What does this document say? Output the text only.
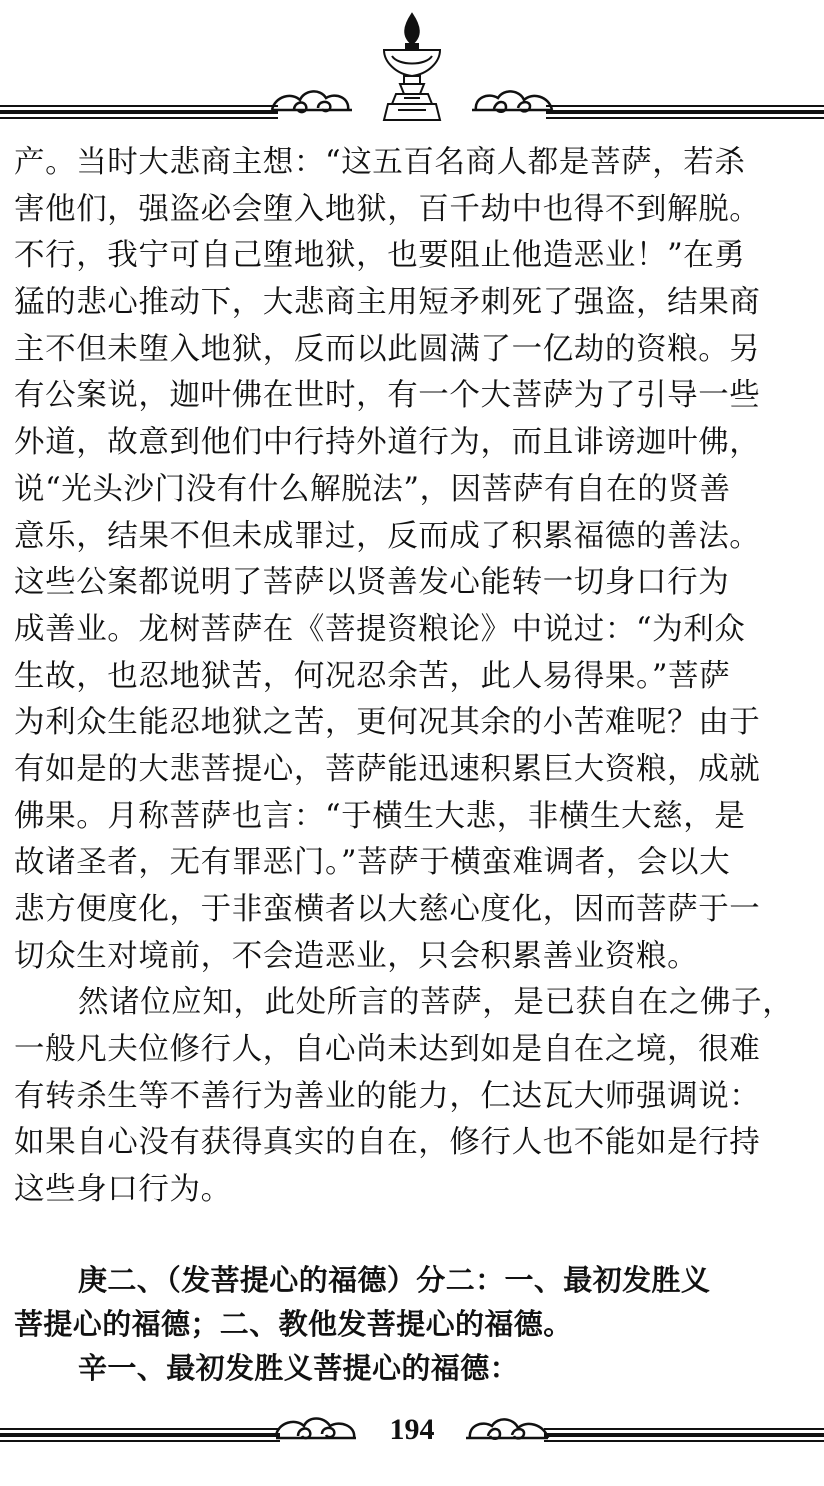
产。当时大悲商主想：“这五百名商人都是菩萨，若杀
害他们，强盗必会堕入地狱，百千劫中也得不到解脱。
不行，我宁可自己堕地狱，也要阻止他造恶业！”在勇
猛的悲心推动下，大悲商主用短矛刺死了强盗，结果商
主不但未堕入地狱，反而以此圆满了一亿劫的资粮。另
有公案说，迦叶佛在世时，有一个大菩萨为了引导一些
外道，故意到他们中行持外道行为，而且诽谤迦叶佛，
说“光头沙门没有什么解脱法”，因菩萨有自在的贤善
意乐，结果不但未成罪过，反而成了积累福德的善法。
这些公案都说明了菩萨以贤善发心能转一切身口行为
成善业。龙树菩萨在《菩提资粮论》中说过：“为利众
生故，也忍地狱苦，何况忍余苦，此人易得果。”菩萨
为利众生能忍地狱之苦，更何况其余的小苦难呢？由于
有如是的大悲菩提心，菩萨能迅速积累巨大资粮，成就
佛果。月称菩萨也言：“于横生大悲，非横生大慈，是
故诸圣者，无有罪恶门。”菩萨于横蛮难调者，会以大
悲方便度化，于非蛮横者以大慈心度化，因而菩萨于一
切众生对境前，不会造恶业，只会积累善业资粮。
然诸位应知，此处所言的菩萨，是已获自在之佛子，
一般凡夫位修行人，自心尚未达到如是自在之境，很难
有转杀生等不善行为善业的能力，仁达瓦大师强调说：
如果自心没有获得真实的自在，修行人也不能如是行持
这些身口行为。
庚二、（发菩提心的福德）分二：一、最初发胜义
菩提心的福德；二、教他发菩提心的福德。
辛一、最初发胜义菩提心的福德：
194
